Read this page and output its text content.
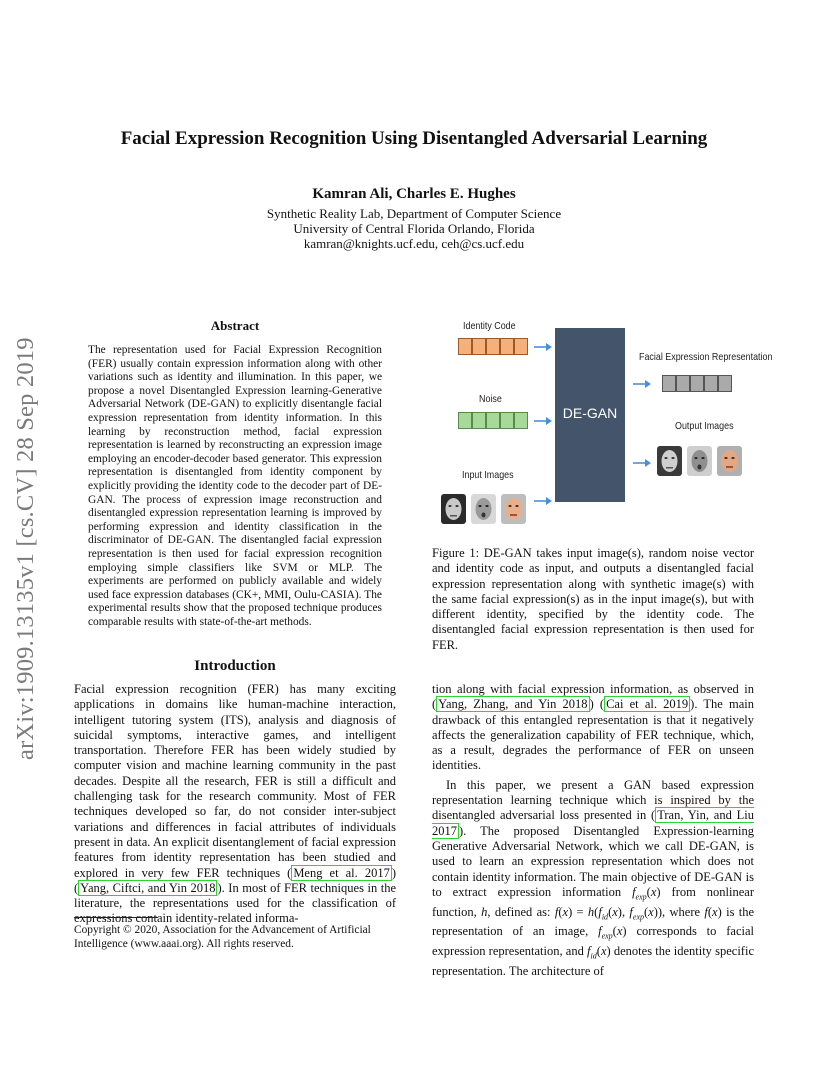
Facial Expression Recognition Using Disentangled Adversarial Learning
Kamran Ali, Charles E. Hughes
Synthetic Reality Lab, Department of Computer Science
University of Central Florida Orlando, Florida
kamran@knights.ucf.edu, ceh@cs.ucf.edu
arXiv:1909.13135v1 [cs.CV] 28 Sep 2019
Abstract
The representation used for Facial Expression Recognition (FER) usually contain expression information along with other variations such as identity and illumination. In this paper, we propose a novel Disentangled Expression learning-Generative Adversarial Network (DE-GAN) to explicitly disentangle facial expression representation from identity information. In this learning by reconstruction method, facial expression representation is learned by reconstructing an expression image employing an encoder-decoder based generator. This expression representation is disentangled from identity component by explicitly providing the identity code to the decoder part of DE-GAN. The process of expression image reconstruction and disentangled expression representation learning is improved by performing expression and identity classification in the discriminator of DE-GAN. The disentangled facial expression representation is then used for facial expression recognition employing simple classifiers like SVM or MLP. The experiments are performed on publicly available and widely used face expression databases (CK+, MMI, Oulu-CASIA). The experimental results show that the proposed technique produces comparable results with state-of-the-art methods.
Introduction
Facial expression recognition (FER) has many exciting applications in domains like human-machine interaction, intelligent tutoring system (ITS), analysis and diagnosis of suicidal symptoms, interactive games, and intelligent transportation. Therefore FER has been widely studied by computer vision and machine learning community in the past decades. Despite all the research, FER is still a difficult and challenging task for the research community. Most of FER techniques developed so far, do not consider inter-subject variations and differences in facial attributes of individuals present in data. An explicit disentanglement of facial expression features from identity representation has been studied and explored in very few FER techniques ( Meng et al. 2017 ) ( Yang, Ciftci, and Yin 2018 ). In most of FER techniques in the literature, the representations used for the classification of expressions contain identity-related informa-
Copyright © 2020, Association for the Advancement of Artificial Intelligence (www.aaai.org). All rights reserved.
Identity Code
Noise
Input Images
DE-GAN
Facial Expression Representation
Output Images
Figure 1: DE-GAN takes input image(s), random noise vector and identity code as input, and outputs a disentangled facial expression representation along with synthetic image(s) with the same facial expression(s) as in the input image(s), but with different identity, specified by the identity code. The disentangled facial expression representation is then used for FER.
tion along with facial expression information, as observed in ( Yang, Zhang, and Yin 2018 ) ( Cai et al. 2019 ). The main drawback of this entangled representation is that it negatively affects the generalization capability of FER technique, which, as a result, degrades the performance of FER on unseen identities.
In this paper, we present a GAN based expression representation learning technique which is inspired by the disentangled adversarial loss presented in ( Tran, Yin, and Liu 2017 ). The proposed Disentangled Expression-learning Generative Adversarial Network, which we call DE-GAN, is used to learn an expression representation which does not contain identity information. The main objective of DE-GAN is to extract expression information $f_{exp}(x)$ from nonlinear function, h, defined as: $f(x) = h(f_{id}(x)$, $f_{exp}(x)$), where f(x) is the representation of an image, $f_{exp}(x)$ corresponds to facial expression representation, and $f_{id}(x)$ denotes the identity specific representation. The architecture of
